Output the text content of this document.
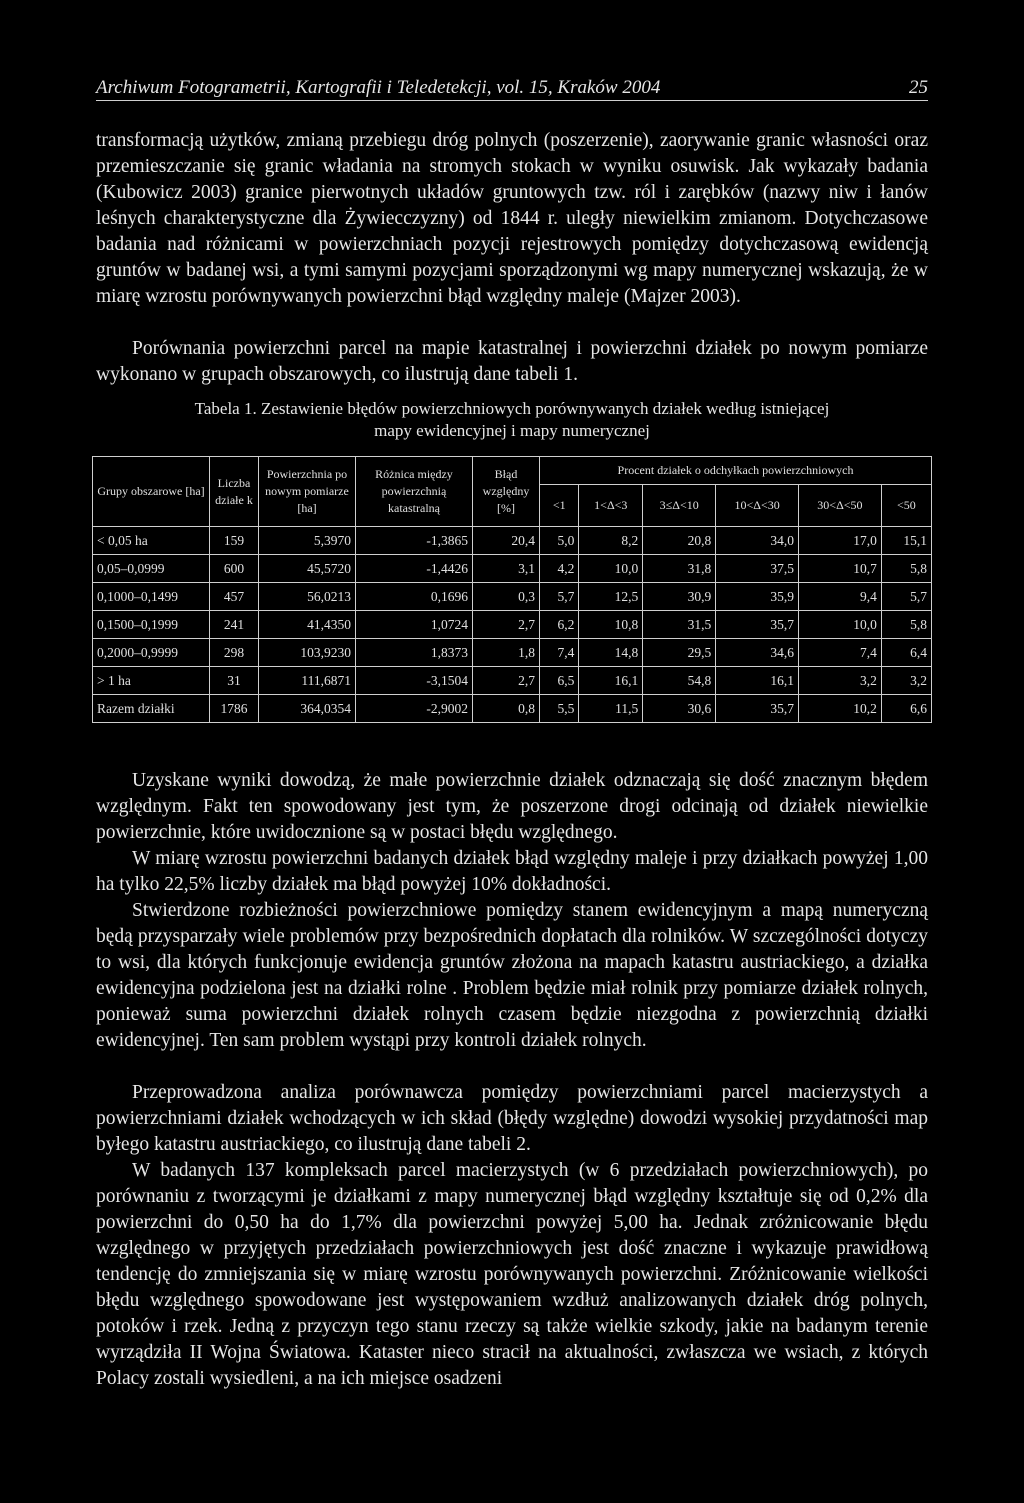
Archiwum Fotogrametrii, Kartografii i Teledetekcji, vol. 15, Kraków 2004	25

transformacją użytków, zmianą przebiegu dróg polnych (poszerzenie), zaorywanie granic własności oraz przemieszczanie się granic władania na stromych stokach w wyniku osuwisk. Jak wykazały badania (Kubowicz 2003) granice pierwotnych układów gruntowych tzw. ról i zarębków (nazwy niw i łanów leśnych charakterystyczne dla Żywiecczyzny) od 1844 r. uległy niewielkim zmianom. Dotychczasowe badania nad różnicami w powierzchniach pozycji rejestrowych pomiędzy dotychczasową ewidencją gruntów w badanej wsi, a tymi samymi pozycjami sporządzonymi wg mapy numerycznej wskazują, że w miarę wzrostu porównywanych powierzchni błąd względny maleje (Majzer 2003).

Porównania powierzchni parcel na mapie katastralnej i powierzchni działek po nowym pomiarze wykonano w grupach obszarowych, co ilustrują dane tabeli 1.

Tabela 1. Zestawienie błędów powierzchniowych porównywanych działek według istniejącej
mapy ewidencyjnej i mapy numerycznej
Grupy obszarowe [ha]	Liczba działe k	Powierzchnia po nowym pomiarze [ha]	Różnica między powierzchnią katastralną	Błąd względny [%]	Procent działek o odchyłkach powierzchniowych					
					<1	1<Δ<3	3≤Δ<10	10<Δ<30	30<Δ<50	<50
< 0,05 ha	159	5,3970	-1,3865	20,4	5,0	8,2	20,8	34,0	17,0	15,1
0,05–0,0999	600	45,5720	-1,4426	3,1	4,2	10,0	31,8	37,5	10,7	5,8
0,1000–0,1499	457	56,0213	0,1696	0,3	5,7	12,5	30,9	35,9	9,4	5,7
0,1500–0,1999	241	41,4350	1,0724	2,7	6,2	10,8	31,5	35,7	10,0	5,8
0,2000–0,9999	298	103,9230	1,8373	1,8	7,4	14,8	29,5	34,6	7,4	6,4
> 1 ha	31	111,6871	-3,1504	2,7	6,5	16,1	54,8	16,1	3,2	3,2
Razem działki	1786	364,0354	-2,9002	0,8	5,5	11,5	30,6	35,7	10,2	6,6

Uzyskane wyniki dowodzą, że małe powierzchnie działek odznaczają się dość znacznym błędem względnym. Fakt ten spowodowany jest tym, że poszerzone drogi odcinają od działek niewielkie powierzchnie, które uwidocznione są w postaci błędu względnego.

W miarę wzrostu powierzchni badanych działek błąd względny maleje i przy działkach powyżej 1,00 ha tylko 22,5% liczby działek ma błąd powyżej 10% dokładności.

Stwierdzone rozbieżności powierzchniowe pomiędzy stanem ewidencyjnym a mapą numeryczną będą przysparzały wiele problemów przy bezpośrednich dopłatach dla rolników. W szczególności dotyczy to wsi, dla których funkcjonuje ewidencja gruntów złożona na mapach katastru austriackiego, a działka ewidencyjna podzielona jest na działki rolne . Problem będzie miał rolnik przy pomiarze działek rolnych, ponieważ suma powierzchni działek rolnych czasem będzie niezgodna z powierzchnią działki ewidencyjnej. Ten sam problem wystąpi przy kontroli działek rolnych.

Przeprowadzona analiza porównawcza pomiędzy powierzchniami parcel macierzystych a powierzchniami działek wchodzących w ich skład (błędy względne) dowodzi wysokiej przydatności map byłego katastru austriackiego, co ilustrują dane tabeli 2.

W badanych 137 kompleksach parcel macierzystych (w 6 przedziałach powierzchniowych), po porównaniu z tworzącymi je działkami z mapy numerycznej błąd względny kształtuje się od 0,2% dla powierzchni do 0,50 ha do 1,7% dla powierzchni powyżej 5,00 ha. Jednak zróżnicowanie błędu względnego w przyjętych przedziałach powierzchniowych jest dość znaczne i wykazuje prawidłową tendencję do zmniejszania się w miarę wzrostu porównywanych powierzchni. Zróżnicowanie wielkości błędu względnego spowodowane jest występowaniem wzdłuż analizowanych działek dróg polnych, potoków i rzek. Jedną z przyczyn tego stanu rzeczy są także wielkie szkody, jakie na badanym terenie wyrządziła II Wojna Światowa. Kataster nieco stracił na aktualności, zwłaszcza we wsiach, z których Polacy zostali wysiedleni, a na ich miejsce osadzeni
